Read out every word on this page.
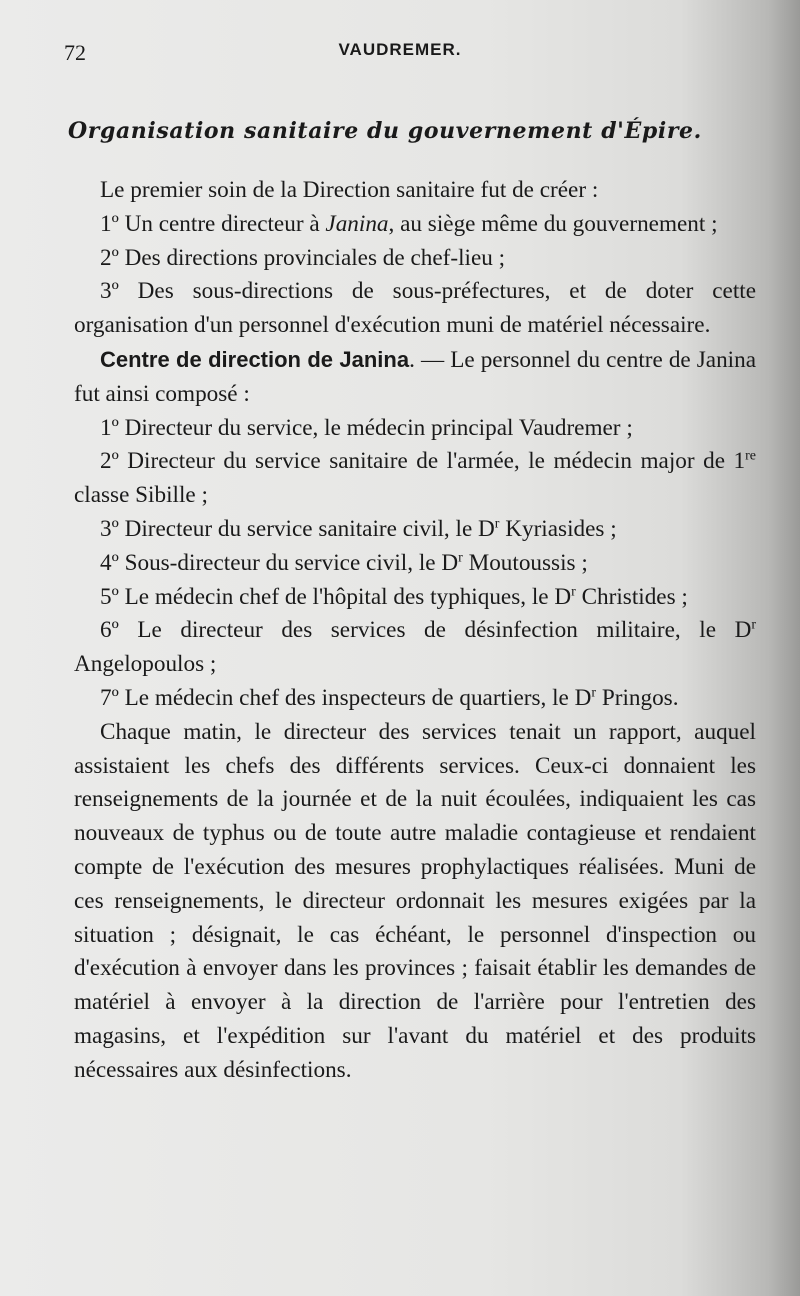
72	VAUDREMER.
Organisation sanitaire du gouvernement d'Épire.

Le premier soin de la Direction sanitaire fut de créer :

1º Un centre directeur à Janina, au siège même du gouvernement ;

2º Des directions provinciales de chef-lieu ;

3º Des sous-directions de sous-préfectures, et de doter cette organisation d'un personnel d'exécution muni de matériel nécessaire.

Centre de direction de Janina. — Le personnel du centre de Janina fut ainsi composé :

1º Directeur du service, le médecin principal Vaudremer ;

2º Directeur du service sanitaire de l'armée, le médecin major de 1re classe Sibille ;

3º Directeur du service sanitaire civil, le $D^r$ Kyriasides ;

4º Sous-directeur du service civil, le $D^r$ Moutoussis ;

5º Le médecin chef de l'hôpital des typhiques, le $D^r$ Christides ;

6º Le directeur des services de désinfection militaire, le $D^r$ Angelopoulos ;

7º Le médecin chef des inspecteurs de quartiers, le $D^r$ Pringos.

Chaque matin, le directeur des services tenait un rapport, auquel assistaient les chefs des différents services. Ceux-ci donnaient les renseignements de la journée et de la nuit écoulées, indiquaient les cas nouveaux de typhus ou de toute autre maladie contagieuse et rendaient compte de l'exécution des mesures prophylactiques réalisées. Muni de ces renseignements, le directeur ordonnait les mesures exigées par la situation ; désignait, le cas échéant, le personnel d'inspection ou d'exécution à envoyer dans les provinces ; faisait établir les demandes de matériel à envoyer à la direction de l'arrière pour l'entretien des magasins, et l'expédition sur l'avant du matériel et des produits nécessaires aux désinfections.
